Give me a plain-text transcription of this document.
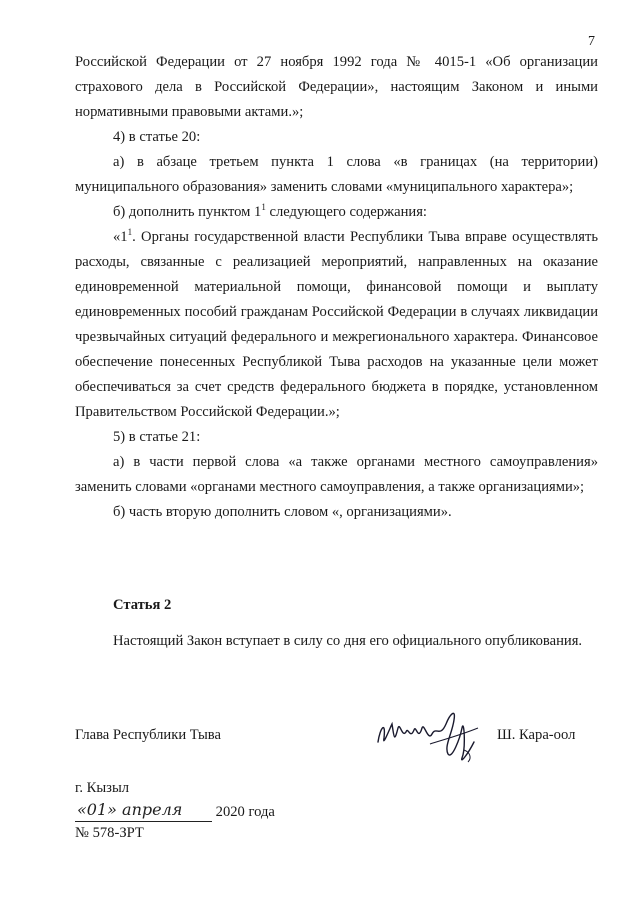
7

Российской Федерации от 27 ноября 1992 года № 4015-1 «Об организации страхового дела в Российской Федерации», настоящим Законом и иными нормативными правовыми актами.»;

4) в статье 20:

а) в абзаце третьем пункта 1 слова «в границах (на территории) муниципального образования» заменить словами «муниципального характера»;

б) дополнить пунктом $1^1$ следующего содержания:

«$1^1$. Органы государственной власти Республики Тыва вправе осуществлять расходы, связанные с реализацией мероприятий, направленных на оказание единовременной материальной помощи, финансовой помощи и выплату единовременных пособий гражданам Российской Федерации в случаях ликвидации чрезвычайных ситуаций федерального и межрегионального характера. Финансовое обеспечение понесенных Республикой Тыва расходов на указанные цели может обеспечиваться за счет средств федерального бюджета в порядке, установленном Правительством Российской Федерации.»;

5) в статье 21:

а) в части первой слова «а также органами местного самоуправления» заменить словами «органами местного самоуправления, а также организациями»;

б) часть вторую дополнить словом «, организациями».

Статья 2

Настоящий Закон вступает в силу со дня его официального опубликования.

Глава Республики Тыва	Ш. Кара-оол
г. Кызыл
«01» апреля 2020 года
№ 578-ЗРТ
